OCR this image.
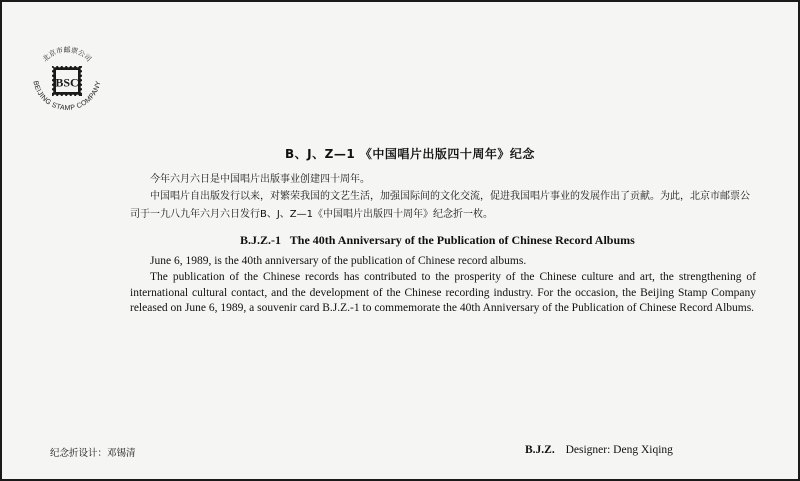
北京市邮票公司
BEIJING STAMP COMPANY
BSC
B、J、Z—1 《中国唱片出版四十周年》纪念
今年六月六日是中国唱片出版事业创建四十周年。
中国唱片自出版发行以来，对繁荣我国的文艺生活，加强国际间的文化交流，促进我国唱片事业的发展作出了贡献。为此，北京市邮票公司于一九八九年六月六日发行B、J、Z—1《中国唱片出版四十周年》纪念折一枚。
B.J.Z.-1   The 40th Anniversary of the Publication of Chinese Record Albums
June 6, 1989, is the 40th anniversary of the publication of Chinese record albums.
The publication of the Chinese records has contributed to the prosperity of the Chinese culture and art, the strengthening of international cultural contact, and the development of the Chinese recording industry. For the occasion, the Beijing Stamp Company released on June 6, 1989, a souvenir card B.J.Z.-1 to commemorate the 40th Anniversary of the Publication of Chinese Record Albums.
纪念折设计：邓锡清	B.J.Z. Designer: Deng Xiqing
